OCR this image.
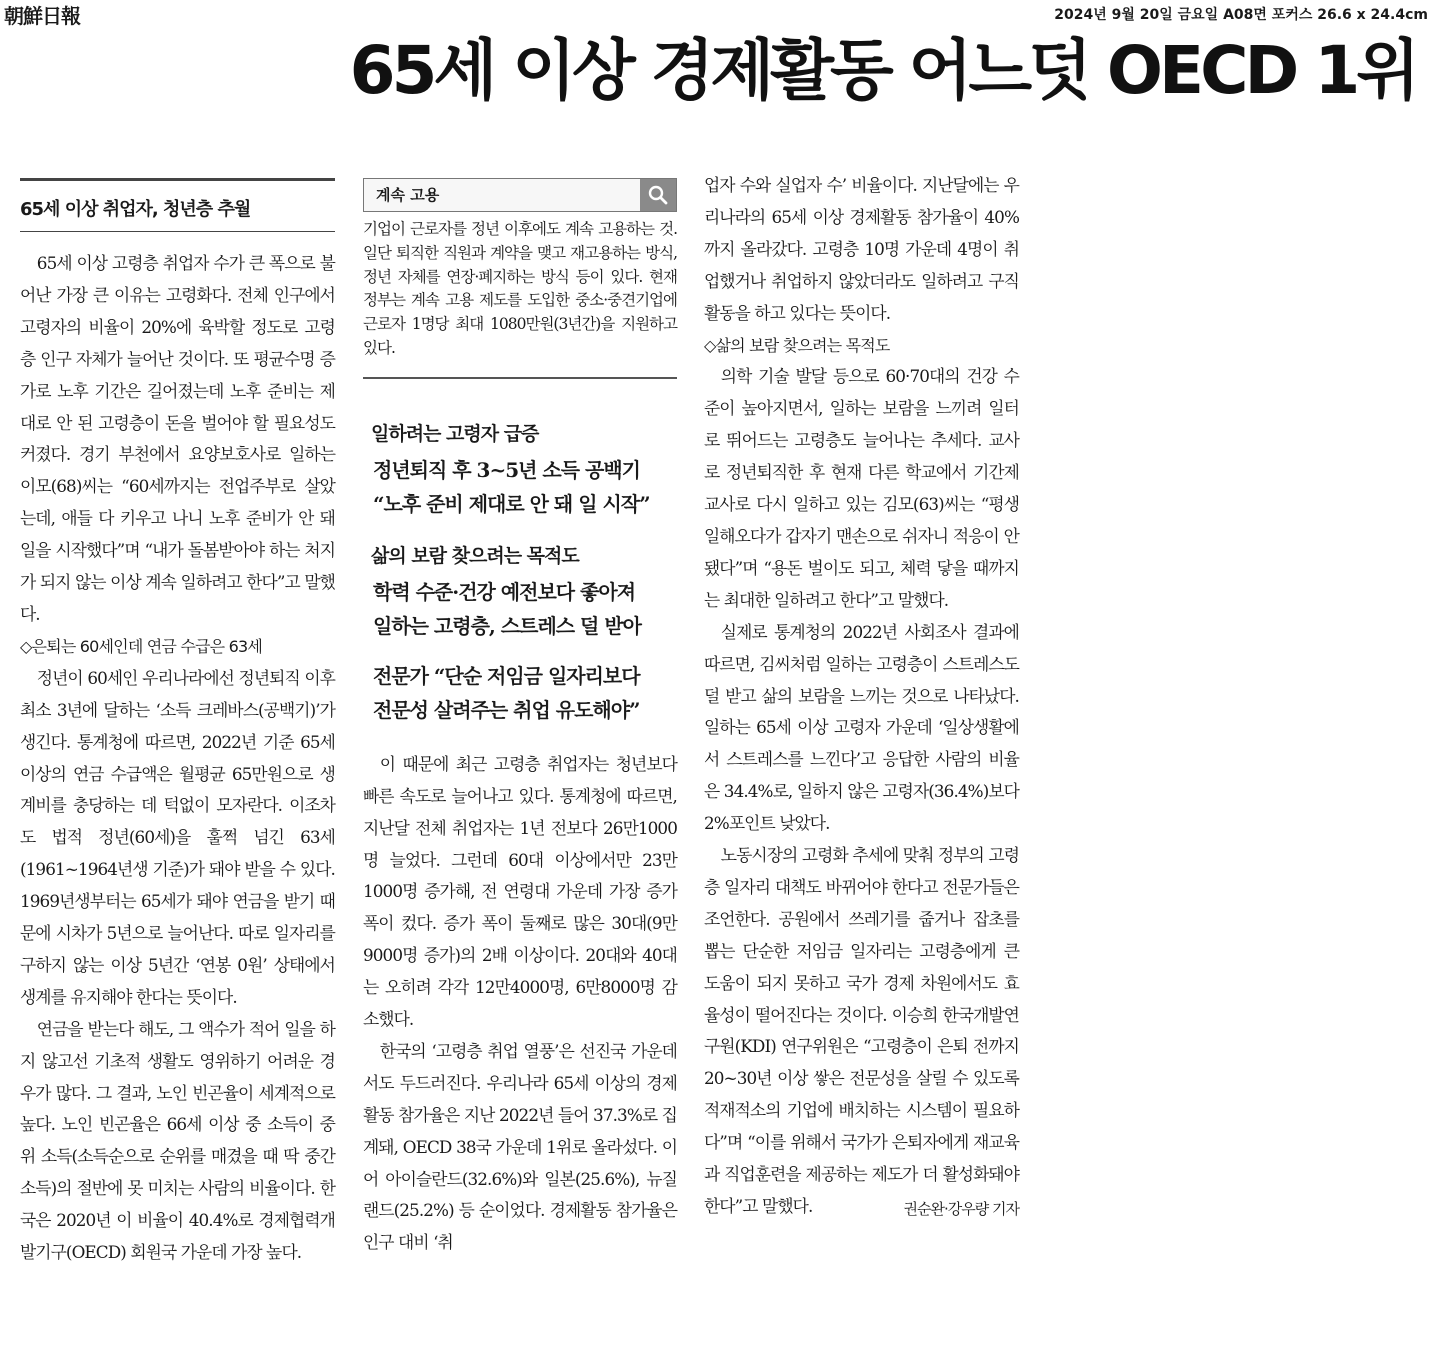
朝鮮日報	2024년 9월 20일 금요일 A08면 포커스 26.6 x 24.4cm
65세 이상 경제활동 어느덧 OECD 1위
65세 이상 취업자, 청년층 추월

65세 이상 고령층 취업자 수가 큰 폭으로 불어난 가장 큰 이유는 고령화다. 전체 인구에서 고령자의 비율이 20%에 육박할 정도로 고령층 인구 자체가 늘어난 것이다. 또 평균수명 증가로 노후 기간은 길어졌는데 노후 준비는 제대로 안 된 고령층이 돈을 벌어야 할 필요성도 커졌다. 경기 부천에서 요양보호사로 일하는 이모(68)씨는 “60세까지는 전업주부로 살았는데, 애들 다 키우고 나니 노후 준비가 안 돼 일을 시작했다”며 “내가 돌봄받아야 하는 처지가 되지 않는 이상 계속 일하려고 한다”고 말했다.

◇은퇴는 60세인데 연금 수급은 63세

정년이 60세인 우리나라에선 정년퇴직 이후 최소 3년에 달하는 ‘소득 크레바스(공백기)’가 생긴다. 통계청에 따르면, 2022년 기준 65세 이상의 연금 수급액은 월평균 65만원으로 생계비를 충당하는 데 턱없이 모자란다. 이조차도 법적 정년(60세)을 훌쩍 넘긴 63세(1961~1964년생 기준)가 돼야 받을 수 있다. 1969년생부터는 65세가 돼야 연금을 받기 때문에 시차가 5년으로 늘어난다. 따로 일자리를 구하지 않는 이상 5년간 ‘연봉 0원’ 상태에서 생계를 유지해야 한다는 뜻이다.

연금을 받는다 해도, 그 액수가 적어 일을 하지 않고선 기초적 생활도 영위하기 어려운 경우가 많다. 그 결과, 노인 빈곤율이 세계적으로 높다. 노인 빈곤율은 66세 이상 중 소득이 중위 소득(소득순으로 순위를 매겼을 때 딱 중간 소득)의 절반에 못 미치는 사람의 비율이다. 한국은 2020년 이 비율이 40.4%로 경제협력개발기구(OECD) 회원국 가운데 가장 높다.

계속 고용

기업이 근로자를 정년 이후에도 계속 고용하는 것. 일단 퇴직한 직원과 계약을 맺고 재고용하는 방식, 정년 자체를 연장·폐지하는 방식 등이 있다. 현재 정부는 계속 고용 제도를 도입한 중소·중견기업에 근로자 1명당 최대 1080만원(3년간)을 지원하고 있다.

일하려는 고령자 급증

정년퇴직 후 3~5년 소득 공백기

“노후 준비 제대로 안 돼 일 시작”

삶의 보람 찾으려는 목적도

학력 수준·건강 예전보다 좋아져

일하는 고령층, 스트레스 덜 받아

전문가 “단순 저임금 일자리보다

전문성 살려주는 취업 유도해야”

이 때문에 최근 고령층 취업자는 청년보다 빠른 속도로 늘어나고 있다. 통계청에 따르면, 지난달 전체 취업자는 1년 전보다 26만1000명 늘었다. 그런데 60대 이상에서만 23만1000명 증가해, 전 연령대 가운데 가장 증가 폭이 컸다. 증가 폭이 둘째로 많은 30대(9만9000명 증가)의 2배 이상이다. 20대와 40대는 오히려 각각 12만4000명, 6만8000명 감소했다.

한국의 ‘고령층 취업 열풍’은 선진국 가운데서도 두드러진다. 우리나라 65세 이상의 경제활동 참가율은 지난 2022년 들어 37.3%로 집계돼, OECD 38국 가운데 1위로 올라섰다. 이어 아이슬란드(32.6%)와 일본(25.6%), 뉴질랜드(25.2%) 등 순이었다. 경제활동 참가율은 인구 대비 ‘취

업자 수와 실업자 수’ 비율이다. 지난달에는 우리나라의 65세 이상 경제활동 참가율이 40%까지 올라갔다. 고령층 10명 가운데 4명이 취업했거나 취업하지 않았더라도 일하려고 구직 활동을 하고 있다는 뜻이다.

◇삶의 보람 찾으려는 목적도

의학 기술 발달 등으로 60·70대의 건강 수준이 높아지면서, 일하는 보람을 느끼려 일터로 뛰어드는 고령층도 늘어나는 추세다. 교사로 정년퇴직한 후 현재 다른 학교에서 기간제 교사로 다시 일하고 있는 김모(63)씨는 “평생 일해오다가 갑자기 맨손으로 쉬자니 적응이 안 됐다”며 “용돈 벌이도 되고, 체력 닿을 때까지는 최대한 일하려고 한다”고 말했다.

실제로 통계청의 2022년 사회조사 결과에 따르면, 김씨처럼 일하는 고령층이 스트레스도 덜 받고 삶의 보람을 느끼는 것으로 나타났다. 일하는 65세 이상 고령자 가운데 ‘일상생활에서 스트레스를 느낀다’고 응답한 사람의 비율은 34.4%로, 일하지 않은 고령자(36.4%)보다 2%포인트 낮았다.

노동시장의 고령화 추세에 맞춰 정부의 고령층 일자리 대책도 바뀌어야 한다고 전문가들은 조언한다. 공원에서 쓰레기를 줍거나 잡초를 뽑는 단순한 저임금 일자리는 고령층에게 큰 도움이 되지 못하고 국가 경제 차원에서도 효율성이 떨어진다는 것이다. 이승희 한국개발연구원(KDI) 연구위원은 “고령층이 은퇴 전까지 20~30년 이상 쌓은 전문성을 살릴 수 있도록 적재적소의 기업에 배치하는 시스템이 필요하다”며 “이를 위해서 국가가 은퇴자에게 재교육과 직업훈련을 제공하는 제도가 더 활성화돼야 한다”고 말했다.	권순완·강우량 기자
